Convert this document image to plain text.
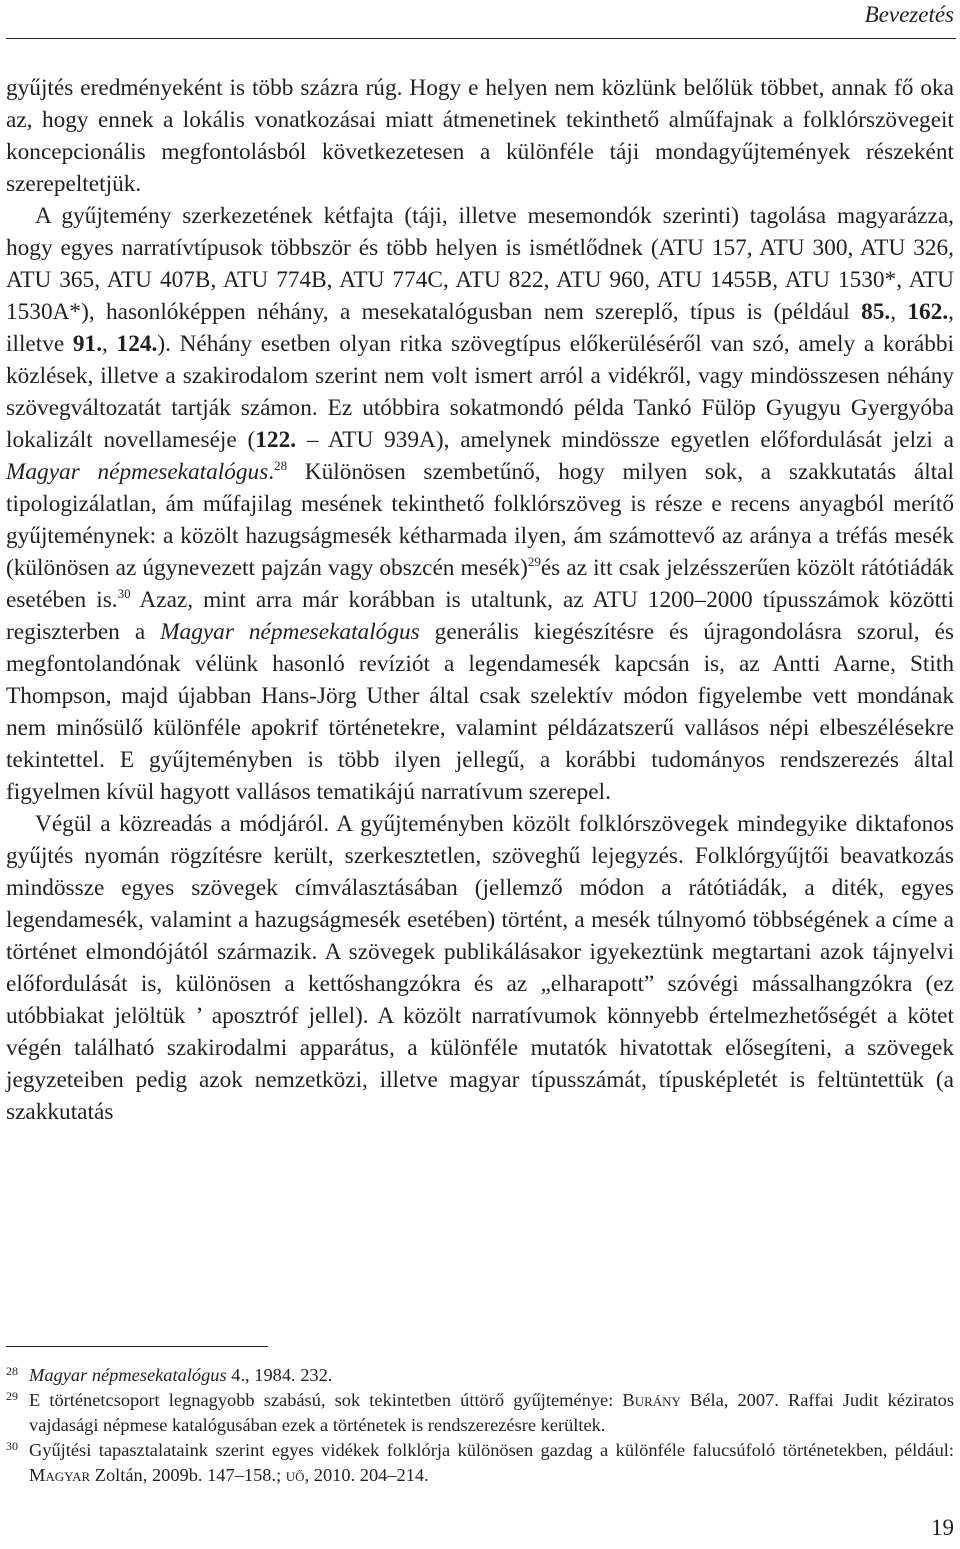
Bevezetés

gyűjtés eredményeként is több százra rúg. Hogy e helyen nem közlünk belőlük többet, annak fő oka az, hogy ennek a lokális vonatkozásai miatt átmenetinek tekinthető alműfajnak a folklórszövegeit koncepcionális megfontolásból következetesen a különféle táji mondagyűjtemények részeként szerepeltetjük.

A gyűjtemény szerkezetének kétfajta (táji, illetve mesemondók szerinti) tagolása magyarázza, hogy egyes narratívtípusok többször és több helyen is ismétlődnek (ATU 157, ATU 300, ATU 326, ATU 365, ATU 407B, ATU 774B, ATU 774C, ATU 822, ATU 960, ATU 1455B, ATU 1530*, ATU 1530A*), hasonlóképpen néhány, a mesekatalógusban nem szereplő, típus is (például 85., 162., illetve 91., 124.). Néhány esetben olyan ritka szövegtípus előkerüléséről van szó, amely a korábbi közlések, illetve a szakirodalom szerint nem volt ismert arról a vidékről, vagy mindösszesen néhány szövegváltozatát tartják számon. Ez utóbbira sokatmondó példa Tankó Fülöp Gyugyu Gyergyóba lokalizált novellameséje (122. – ATU 939A), amelynek mindössze egyetlen előfordulását jelzi a Magyar népmesekatalógus.$^{28}$ Különösen szembetűnő, hogy milyen sok, a szakkutatás által tipologizálatlan, ám műfajilag mesének tekinthető folklórszöveg is része e recens anyagból merítő gyűjteménynek: a közölt hazugságmesék kétharmada ilyen, ám számottevő az aránya a tréfás mesék (különösen az úgynevezett pajzán vagy obszcén mesék)$^{29}$és az itt csak jelzésszerűen közölt rátótiádák esetében is.$^{30}$ Azaz, mint arra már korábban is utaltunk, az ATU 1200–2000 típusszámok közötti regiszterben a Magyar népmesekatalógus generális kiegészítésre és újragondolásra szorul, és megfontolandónak vélünk hasonló revíziót a legendamesék kapcsán is, az Antti Aarne, Stith Thompson, majd újabban Hans-Jörg Uther által csak szelektív módon figyelembe vett mondának nem minősülő különféle apokrif történetekre, valamint példázatszerű vallásos népi elbeszélésekre tekintettel. E gyűjteményben is több ilyen jellegű, a korábbi tudományos rendszerezés által figyelmen kívül hagyott vallásos tematikájú narratívum szerepel.

Végül a közreadás a módjáról. A gyűjteményben közölt folklórszövegek mindegyike diktafonos gyűjtés nyomán rögzítésre került, szerkesztetlen, szöveghű lejegyzés. Folklórgyűjtői beavatkozás mindössze egyes szövegek címválasztásában (jellemző módon a rátótiádák, a diték, egyes legendamesék, valamint a hazugságmesék esetében) történt, a mesék túlnyomó többségének a címe a történet elmondójától származik. A szövegek publikálásakor igyekeztünk megtartani azok tájnyelvi előfordulását is, különösen a kettőshangzókra és az „elharapott” szóvégi mássalhangzókra (ez utóbbiakat jelöltük ’ aposztróf jellel). A közölt narratívumok könnyebb értelmezhetőségét a kötet végén található szakirodalmi apparátus, a különféle mutatók hivatottak elősegíteni, a szövegek jegyzeteiben pedig azok nemzetközi, illetve magyar típusszámát, típusképletét is feltüntettük (a szakkutatás

28 Magyar népmesekatalógus 4., 1984. 232.

29 E történetcsoport legnagyobb szabású, sok tekintetben úttörő gyűjteménye: Burány Béla, 2007. Raffai Judit kéziratos vajdasági népmese katalógusában ezek a történetek is rendszerezésre kerültek.

30 Gyűjtési tapasztalataink szerint egyes vidékek folklórja különösen gazdag a különféle falucsúfoló történetekben, például: Magyar Zoltán, 2009b. 147–158.; uő, 2010. 204–214.

19
